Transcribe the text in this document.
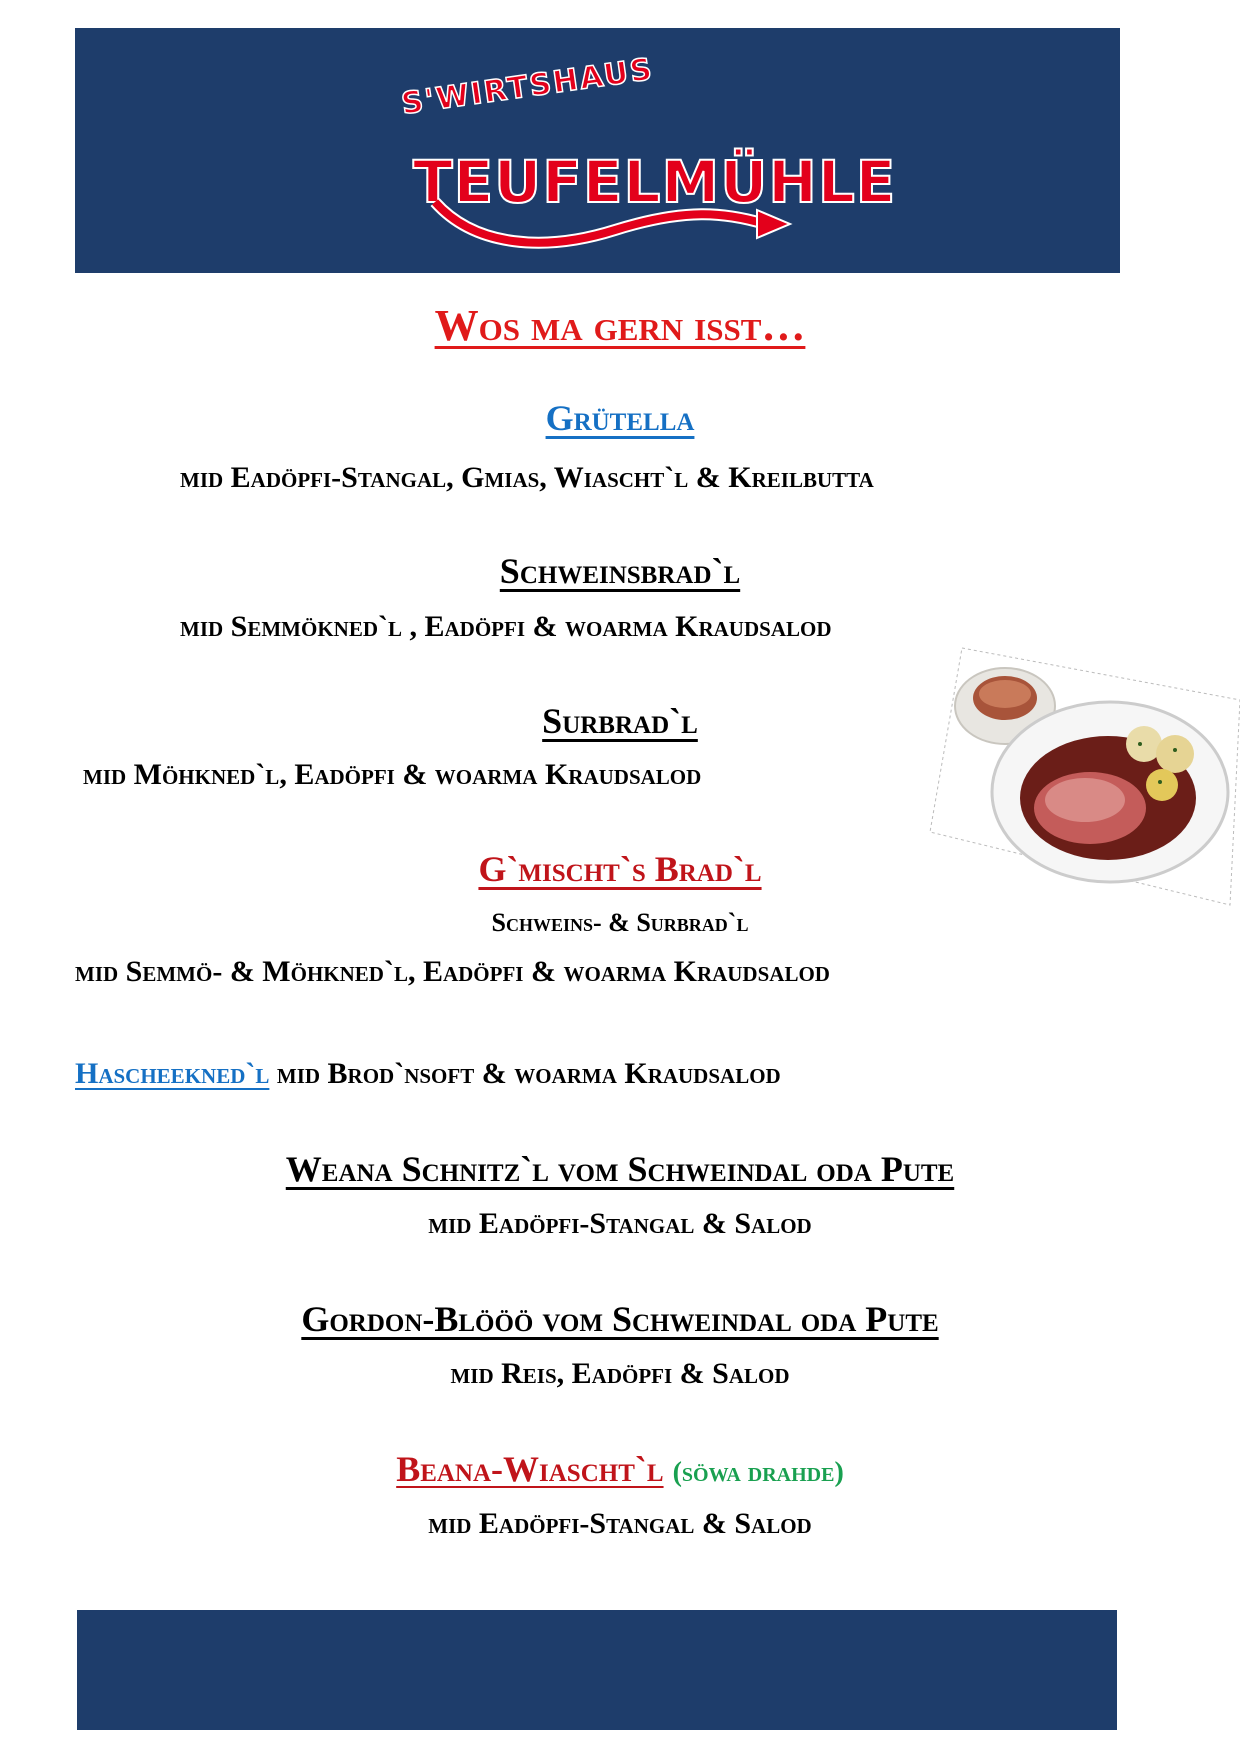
S'WIRTSHAUS
TEUFELMÜHLE
Wos ma gern isst…
Grütella
mid Eadöpfi-Stangal, Gmias, Wiascht`l & Kreilbutta
Schweinsbrad`l
mid Semmökned`l , Eadöpfi & woarma Kraudsalod
Surbrad`l
mid Möhkned`l, Eadöpfi & woarma Kraudsalod
G`mischt`s Brad`l
Schweins- & Surbrad`l
mid Semmö- & Möhkned`l, Eadöpfi & woarma Kraudsalod
Hascheekned`l mid Brod`nsoft & woarma Kraudsalod
Weana Schnitz`l vom Schweindal oda Pute
mid Eadöpfi-Stangal & Salod
Gordon-Blööö vom Schweindal oda Pute
mid Reis, Eadöpfi & Salod
Beana-Wiascht`l (söwa drahde)
mid Eadöpfi-Stangal & Salod
